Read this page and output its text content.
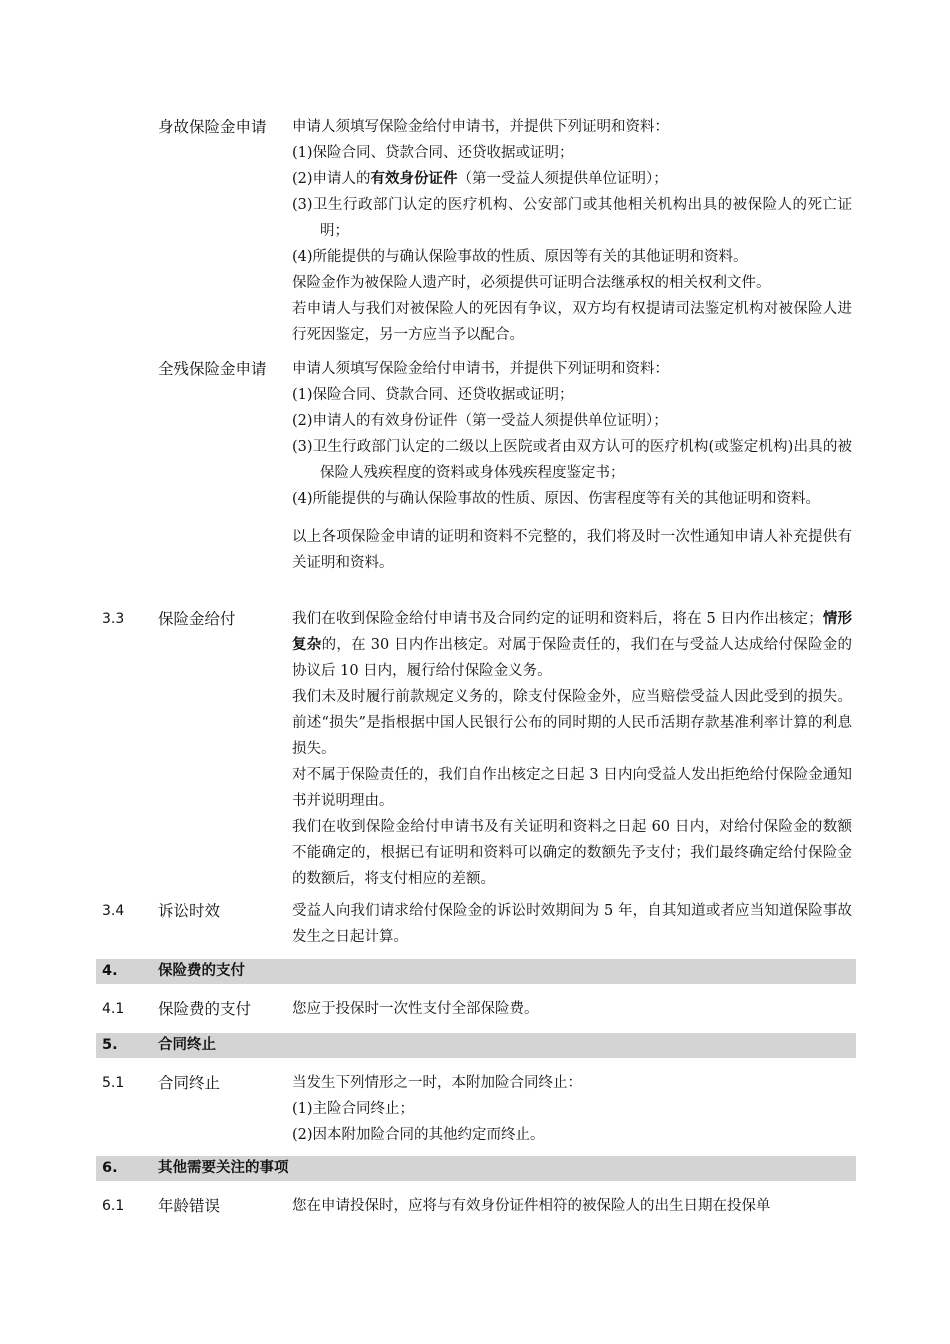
身故保险金申请 申请人须填写保险金给付申请书，并提供下列证明和资料：

(1)保险合同、贷款合同、还贷收据或证明；

(2)申请人的有效身份证件（第一受益人须提供单位证明）；

(3)卫生行政部门认定的医疗机构、公安部门或其他相关机构出具的被保险人的死亡证明；

(4)所能提供的与确认保险事故的性质、原因等有关的其他证明和资料。

保险金作为被保险人遗产时，必须提供可证明合法继承权的相关权利文件。

若申请人与我们对被保险人的死因有争议，双方均有权提请司法鉴定机构对被保险人进行死因鉴定，另一方应当予以配合。

全残保险金申请 申请人须填写保险金给付申请书，并提供下列证明和资料：

(1)保险合同、贷款合同、还贷收据或证明；

(2)申请人的有效身份证件（第一受益人须提供单位证明）；

(3)卫生行政部门认定的二级以上医院或者由双方认可的医疗机构(或鉴定机构)出具的被保险人残疾程度的资料或身体残疾程度鉴定书；

(4)所能提供的与确认保险事故的性质、原因、伤害程度等有关的其他证明和资料。

以上各项保险金申请的证明和资料不完整的，我们将及时一次性通知申请人补充提供有关证明和资料。

3.3 保险金给付	我们在收到保险金给付申请书及合同约定的证明和资料后，将在 5 日内作出核定；情形复杂的，在 30 日内作出核定。对属于保险责任的，我们在与受益人达成给付保险金的协议后 10 日内，履行给付保险金义务。

我们未及时履行前款规定义务的，除支付保险金外，应当赔偿受益人因此受到的损失。前述“损失”是指根据中国人民银行公布的同时期的人民币活期存款基准利率计算的利息损失。

对不属于保险责任的，我们自作出核定之日起 3 日内向受益人发出拒绝给付保险金通知书并说明理由。

我们在收到保险金给付申请书及有关证明和资料之日起 60 日内，对给付保险金的数额不能确定的，根据已有证明和资料可以确定的数额先予支付；我们最终确定给付保险金的数额后，将支付相应的差额。

3.4 诉讼时效	受益人向我们请求给付保险金的诉讼时效期间为 5 年，自其知道或者应当知道保险事故发生之日起计算。

4.	保险费的支付
4.1 保险费的支付	您应于投保时一次性支付全部保险费。

5.	合同终止
5.1 合同终止	当发生下列情形之一时，本附加险合同终止：

(1)主险合同终止；

(2)因本附加险合同的其他约定而终止。

6.	其他需要关注的事项
6.1 年龄错误	您在申请投保时，应将与有效身份证件相符的被保险人的出生日期在投保单
